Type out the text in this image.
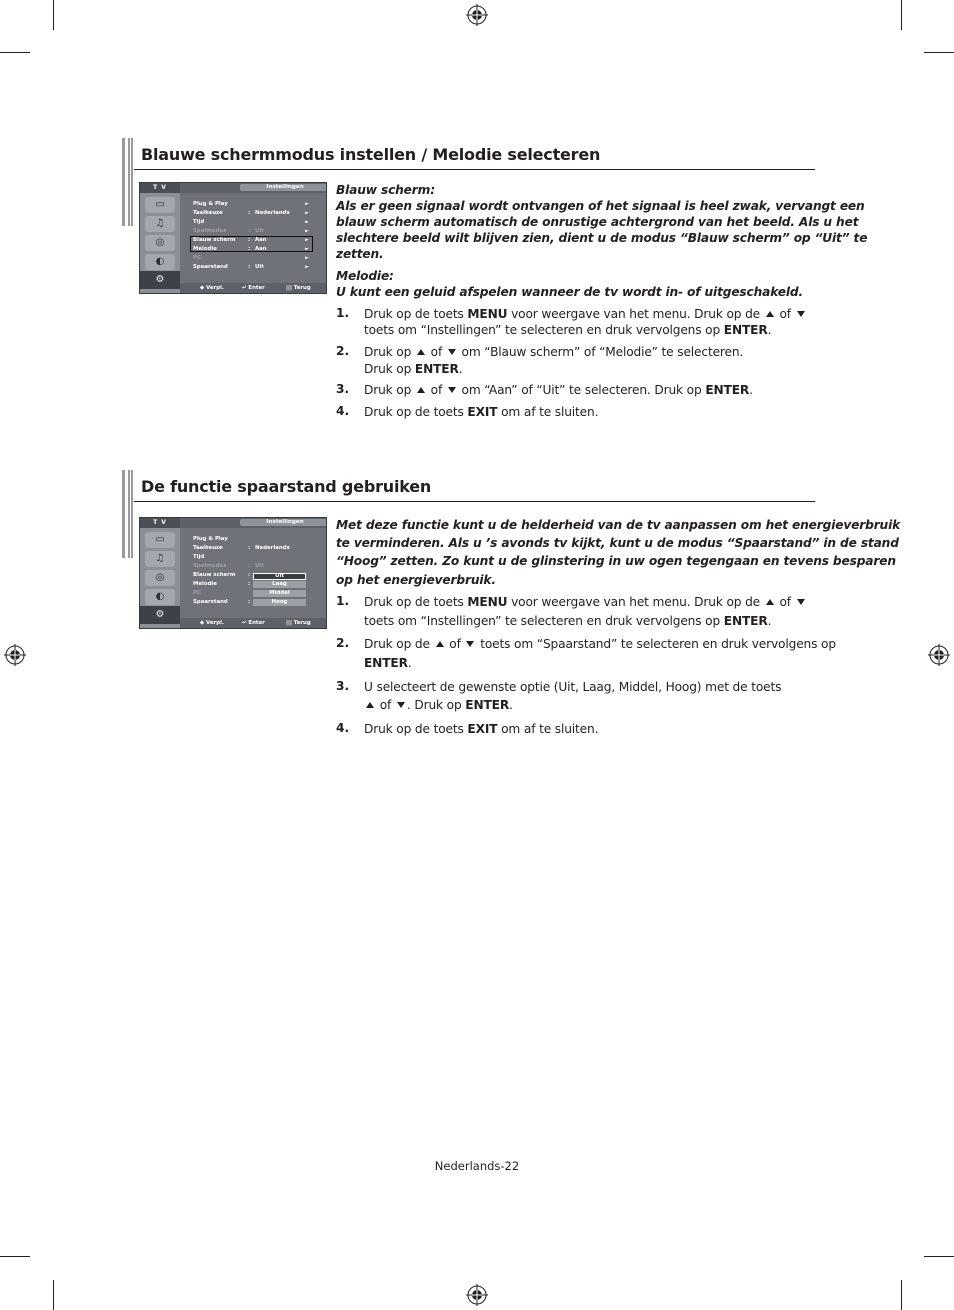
Blauwe schermmodus instellen / Melodie selecteren
T V
▭
♫
◎
◐
⚙
Instellingen
Plug & Play	►
Taalkeuze	: Nederlands	►
Tijd	►
Spelmodus	: Uit	►
Blauw scherm : Aan	►
Melodie	: Aan	►
PC	►
Spaarstand	: Uit	►
◆ Verpl.	↵ Enter	||| Terug
Blauw scherm:
Als er geen signaal wordt ontvangen of het signaal is heel zwak, vervangt een
blauw scherm automatisch de onrustige achtergrond van het beeld. Als u het
slechtere beeld wilt blijven zien, dient u de modus “Blauw scherm” op “Uit” te
zetten.
Melodie:
U kunt een geluid afspelen wanneer de tv wordt in- of uitgeschakeld.
1. Druk op de toets MENU voor weergave van het menu. Druk op de  of
toets om “Instellingen” te selecteren en druk vervolgens op ENTER.
2. Druk op  of  om “Blauw scherm” of “Melodie” te selecteren.
Druk op ENTER.
3. Druk op  of  om “Aan” of “Uit” te selecteren. Druk op ENTER.
4. Druk op de toets EXIT om af te sluiten.
De functie spaarstand gebruiken
T V
▭
♫
◎
◐
⚙
Instellingen
Plug & Play
Taalkeuze	: Nederlands
Tijd
Spelmodus	: Uit
Blauw scherm :
Melodie	:
PC
Spaarstand	:
Uit
Laag
Middel
Hoog
◆ Verpl.	↵ Enter	||| Terug
Met deze functie kunt u de helderheid van de tv aanpassen om het energieverbruik
te verminderen. Als u ’s avonds tv kijkt, kunt u de modus “Spaarstand” in de stand
“Hoog” zetten. Zo kunt u de glinstering in uw ogen tegengaan en tevens besparen
op het energieverbruik.
1. Druk op de toets MENU voor weergave van het menu. Druk op de  of
toets om “Instellingen” te selecteren en druk vervolgens op ENTER.
2. Druk op de  of  toets om “Spaarstand” te selecteren en druk vervolgens op
ENTER.
3. U selecteert de gewenste optie (Uit, Laag, Middel, Hoog) met de toets
of . Druk op ENTER.
4. Druk op de toets EXIT om af te sluiten.
Nederlands-22
